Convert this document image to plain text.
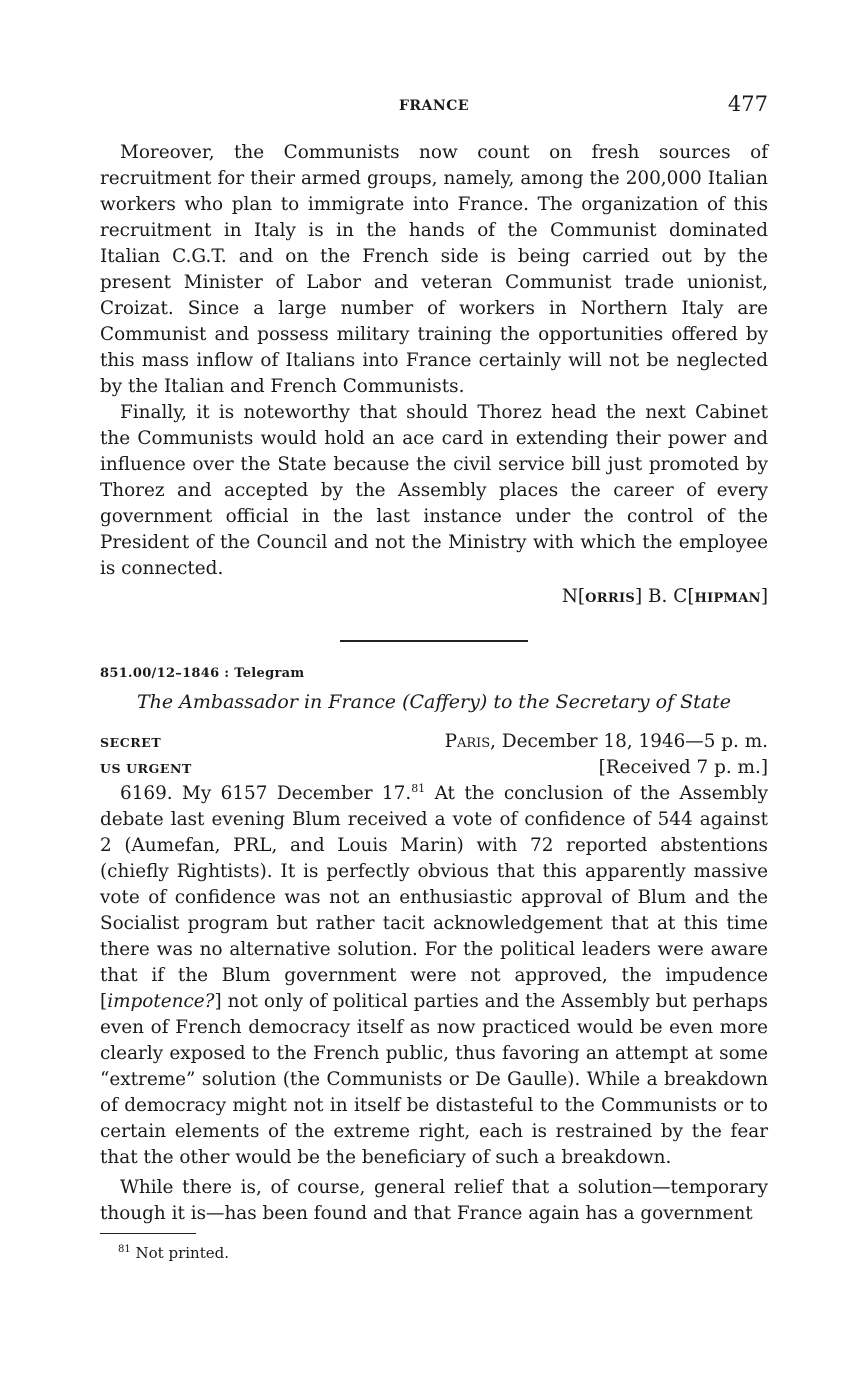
FRANCE	477

Moreover, the Communists now count on fresh sources of recruitment for their armed groups, namely, among the 200,000 Italian workers who plan to immigrate into France. The organization of this recruitment in Italy is in the hands of the Communist dominated Italian C.G.T. and on the French side is being carried out by the present Minister of Labor and veteran Communist trade unionist, Croizat. Since a large number of workers in Northern Italy are Communist and possess military training the opportunities offered by this mass inflow of Italians into France certainly will not be neglected by the Italian and French Communists.

Finally, it is noteworthy that should Thorez head the next Cabinet the Communists would hold an ace card in extending their power and influence over the State because the civil service bill just promoted by Thorez and accepted by the Assembly places the career of every government official in the last instance under the control of the President of the Council and not the Ministry with which the employee is connected.

N[ORRIS] B. C[HIPMAN]
851.00/12–1846 : Telegram
The Ambassador in France (Caffery) to the Secretary of State
SECRET	Paris, December 18, 1946—5 p. m.
US URGENT	[Received 7 p. m.]

6169. My 6157 December 17.81 At the conclusion of the Assembly debate last evening Blum received a vote of confidence of 544 against 2 (Aumefan, PRL, and Louis Marin) with 72 reported abstentions (chiefly Rightists). It is perfectly obvious that this apparently massive vote of confidence was not an enthusiastic approval of Blum and the Socialist program but rather tacit acknowledgement that at this time there was no alternative solution. For the political leaders were aware that if the Blum government were not approved, the impudence [impotence?] not only of political parties and the Assembly but perhaps even of French democracy itself as now practiced would be even more clearly exposed to the French public, thus favoring an attempt at some “extreme” solution (the Communists or De Gaulle). While a breakdown of democracy might not in itself be distasteful to the Communists or to certain elements of the extreme right, each is restrained by the fear that the other would be the beneficiary of such a breakdown.

While there is, of course, general relief that a solution—temporary though it is—has been found and that France again has a government

$^{81}$ Not printed.
